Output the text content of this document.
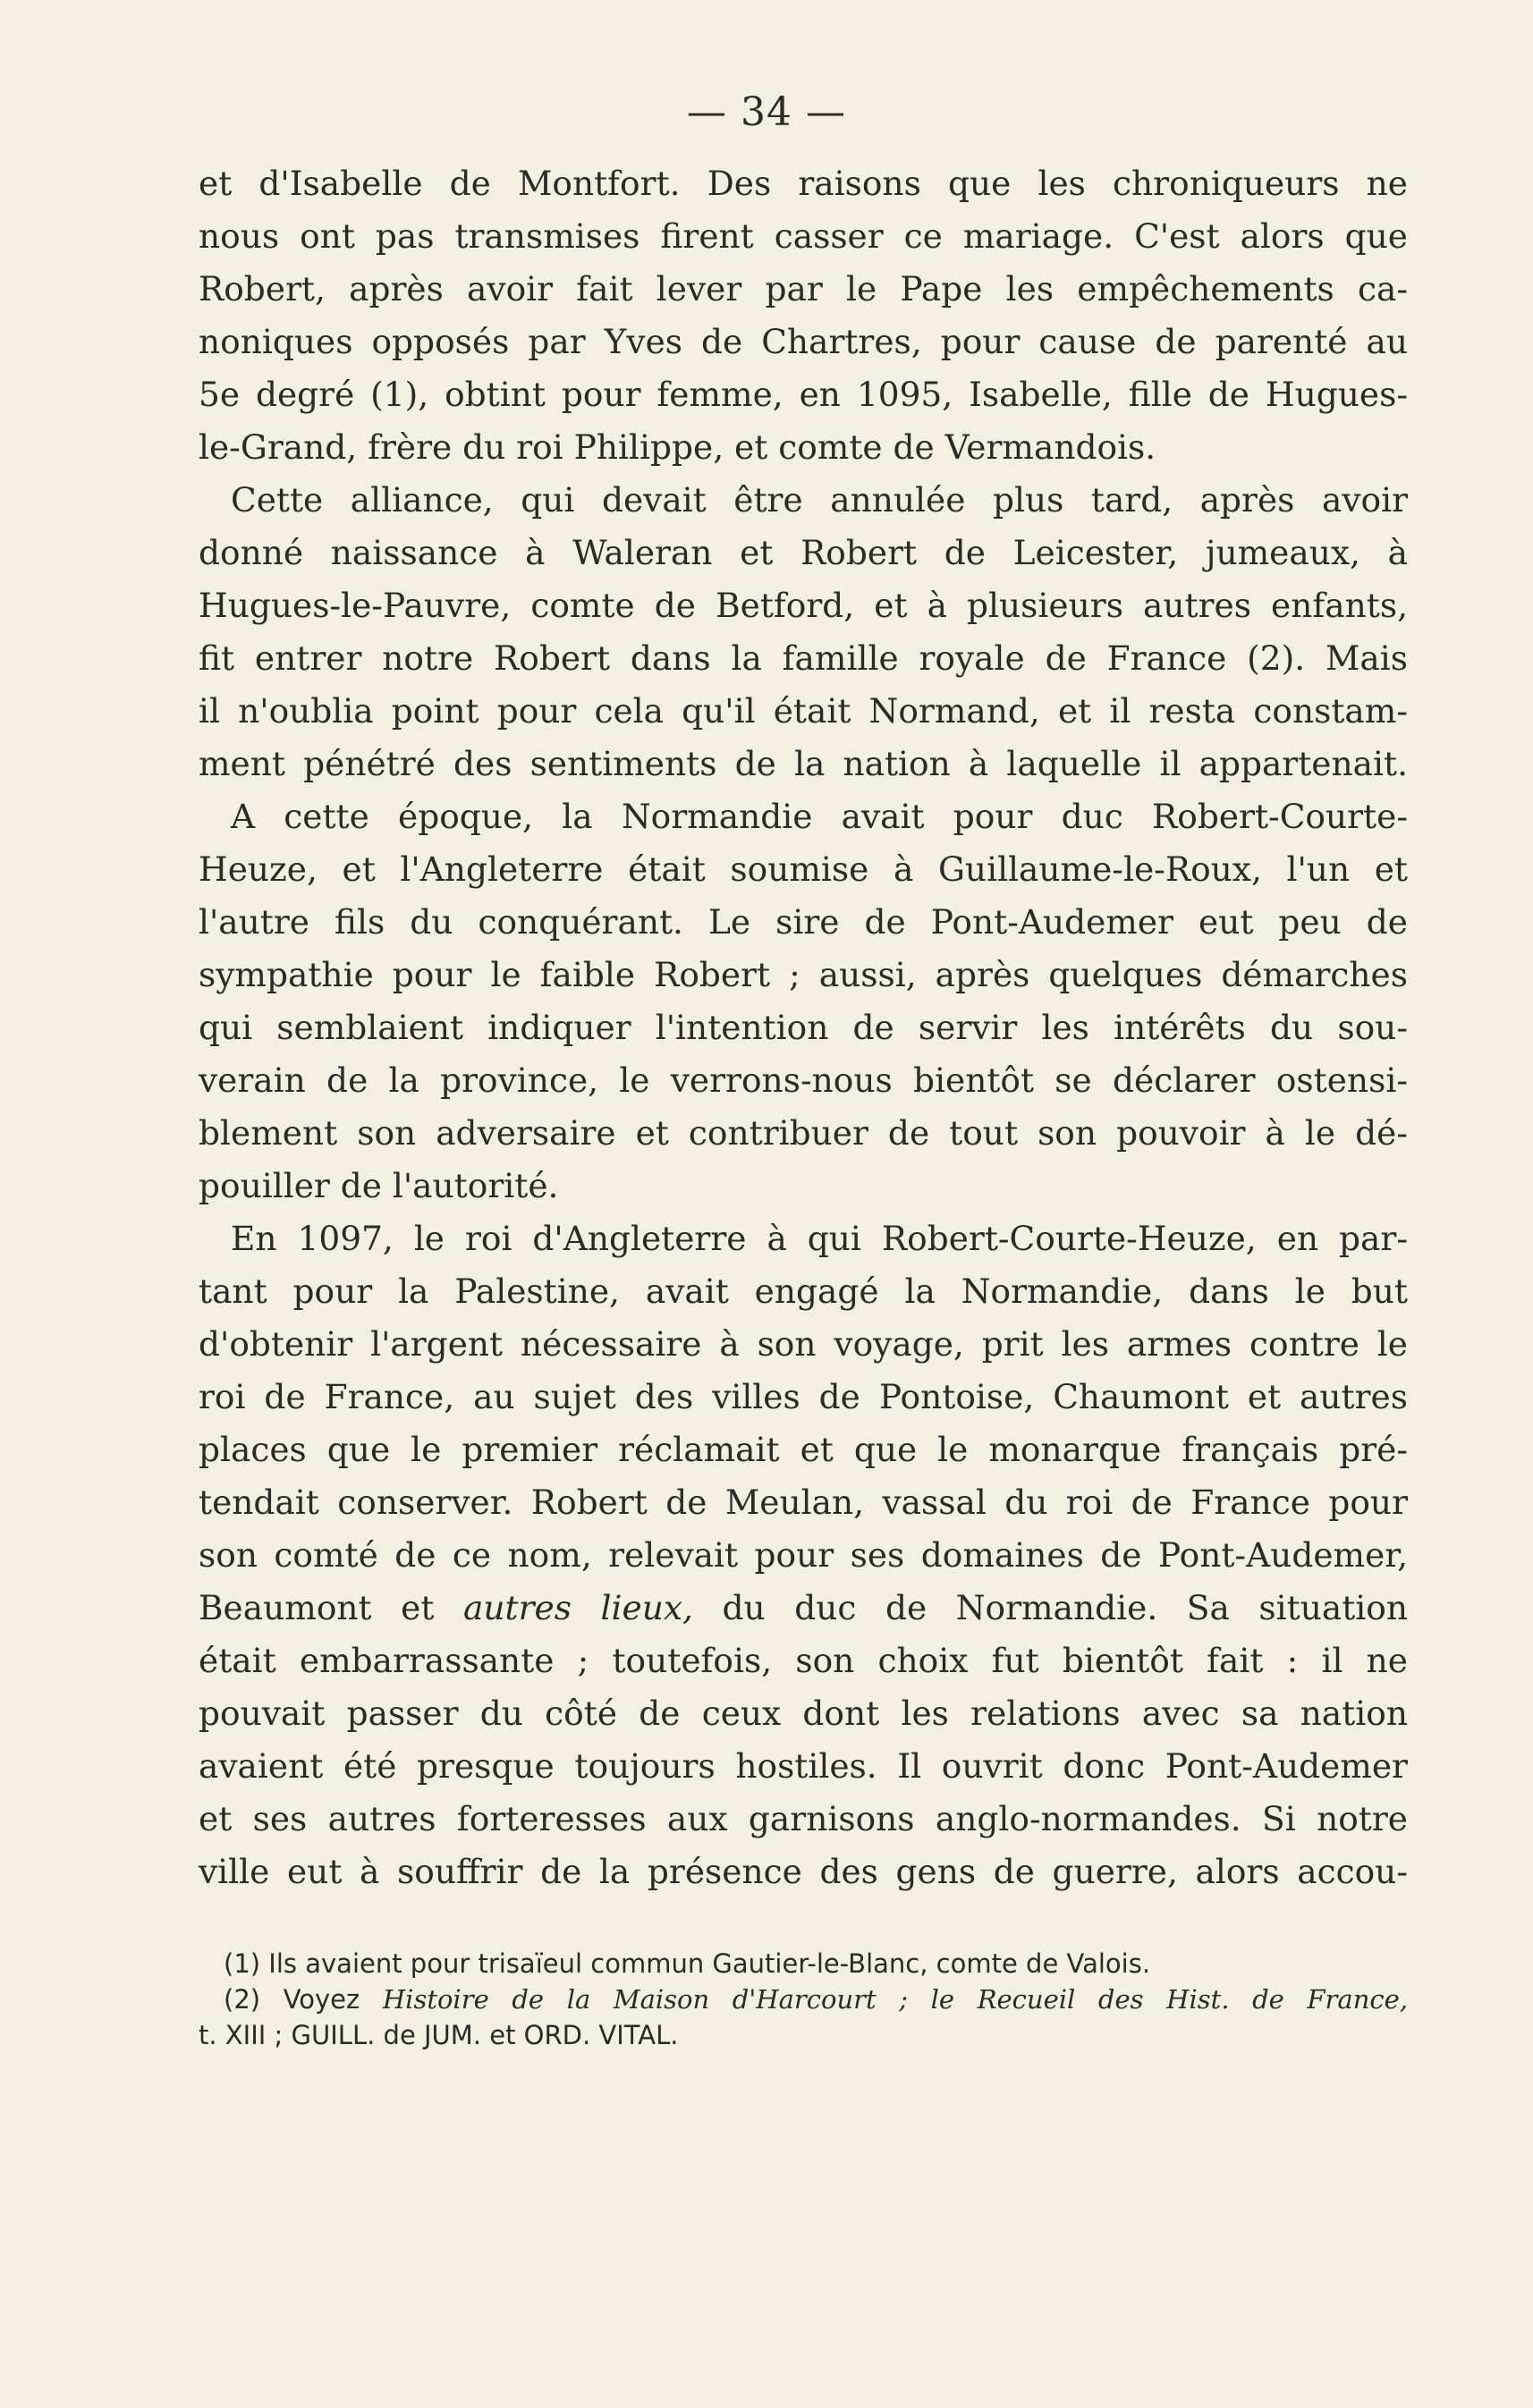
— 34 —
et d'Isabelle de Montfort. Des raisons que les chroniqueurs ne
nous ont pas transmises firent casser ce mariage. C'est alors que
Robert, après avoir fait lever par le Pape les empêchements ca-
noniques opposés par Yves de Chartres, pour cause de parenté au
5e degré (1), obtint pour femme, en 1095, Isabelle, fille de Hugues-
le-Grand, frère du roi Philippe, et comte de Vermandois.
Cette alliance, qui devait être annulée plus tard, après avoir
donné naissance à Waleran et Robert de Leicester, jumeaux, à
Hugues-le-Pauvre, comte de Betford, et à plusieurs autres enfants,
fit entrer notre Robert dans la famille royale de France (2). Mais
il n'oublia point pour cela qu'il était Normand, et il resta constam-
ment pénétré des sentiments de la nation à laquelle il appartenait.
A cette époque, la Normandie avait pour duc Robert-Courte-
Heuze, et l'Angleterre était soumise à Guillaume-le-Roux, l'un et
l'autre fils du conquérant. Le sire de Pont-Audemer eut peu de
sympathie pour le faible Robert ; aussi, après quelques démarches
qui semblaient indiquer l'intention de servir les intérêts du sou-
verain de la province, le verrons-nous bientôt se déclarer ostensi-
blement son adversaire et contribuer de tout son pouvoir à le dé-
pouiller de l'autorité.
En 1097, le roi d'Angleterre à qui Robert-Courte-Heuze, en par-
tant pour la Palestine, avait engagé la Normandie, dans le but
d'obtenir l'argent nécessaire à son voyage, prit les armes contre le
roi de France, au sujet des villes de Pontoise, Chaumont et autres
places que le premier réclamait et que le monarque français pré-
tendait conserver. Robert de Meulan, vassal du roi de France pour
son comté de ce nom, relevait pour ses domaines de Pont-Audemer,
Beaumont et autres lieux, du duc de Normandie. Sa situation
était embarrassante ; toutefois, son choix fut bientôt fait : il ne
pouvait passer du côté de ceux dont les relations avec sa nation
avaient été presque toujours hostiles. Il ouvrit donc Pont-Audemer
et ses autres forteresses aux garnisons anglo-normandes. Si notre
ville eut à souffrir de la présence des gens de guerre, alors accou-
(1) Ils avaient pour trisaïeul commun Gautier-le-Blanc, comte de Valois.
(2) Voyez Histoire de la Maison d'Harcourt ; le Recueil des Hist. de France,
t. XIII ; GUILL. de JUM. et ORD. VITAL.
